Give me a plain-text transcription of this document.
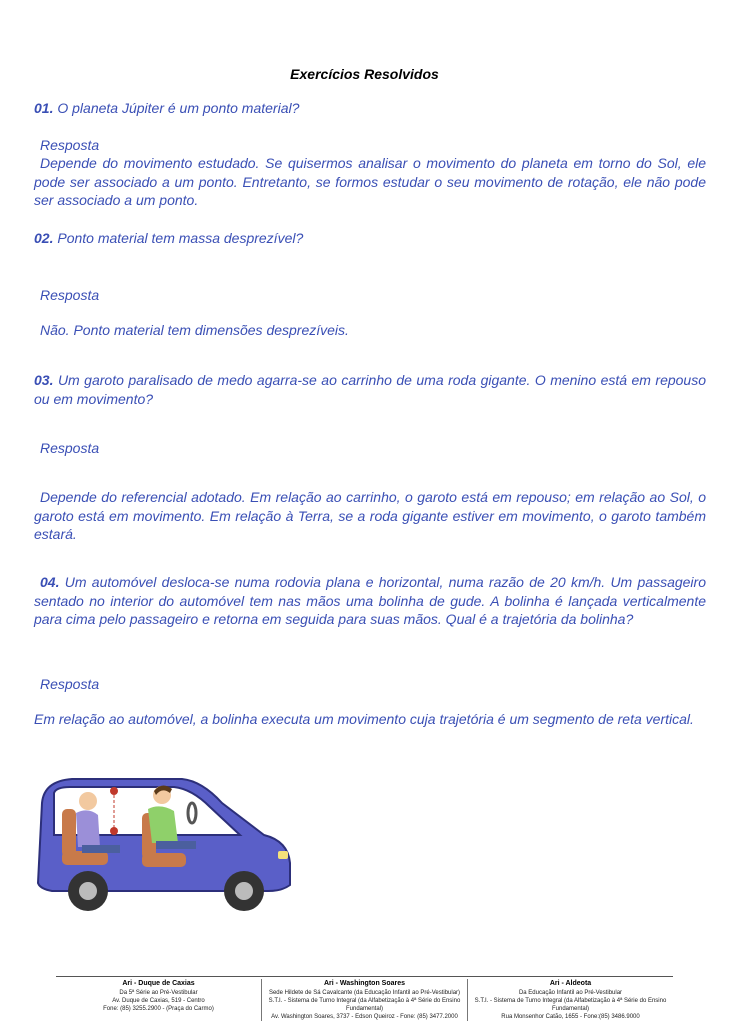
Exercícios Resolvidos
01. O planeta Júpiter é um ponto material?
Resposta
Depende do movimento estudado. Se quisermos analisar o movimento do planeta em torno do Sol, ele pode ser associado a um ponto. Entretanto, se formos estudar o seu movimento de rotação, ele não pode ser associado a um ponto.
02. Ponto material tem massa desprezível?
Resposta
Não. Ponto material tem dimensões desprezíveis.
03. Um garoto paralisado de medo agarra-se ao carrinho de uma roda gigante. O menino está em repouso ou em movimento?
Resposta
Depende do referencial adotado. Em relação ao carrinho, o garoto está em repouso; em relação ao Sol, o garoto está em movimento. Em relação à Terra, se a roda gigante estiver em movimento, o garoto também estará.
04. Um automóvel desloca-se numa rodovia plana e horizontal, numa razão de 20 km/h. Um passageiro sentado no interior do automóvel tem nas mãos uma bolinha de gude. A bolinha é lançada verticalmente para cima pelo passageiro e retorna em seguida para suas mãos. Qual é a trajetória da bolinha?
Resposta
Em relação ao automóvel, a bolinha executa um movimento cuja trajetória é um segmento de reta vertical.
Ari - Duque de Caxias
Da 5ª Série ao Pré-Vestibular
Av. Duque de Caxias, 519 - Centro
Fone: (85) 3255.2900 - (Praça do Carmo)
Ari - Washington Soares
Sede Hildete de Sá Cavalcante (da Educação Infantil ao Pré-Vestibular)
S.T.I. - Sistema de Turno Integral (da Alfabetização à 4ª Série do Ensino Fundamental)
Av. Washington Soares, 3737 - Edson Queiroz - Fone: (85) 3477.2000
Ari - Aldeota
Da Educação Infantil ao Pré-Vestibular
S.T.I. - Sistema de Turno Integral (da Alfabetização à 4ª Série do Ensino Fundamental)
Rua Monsenhor Catão, 1655 - Fone:(85) 3486.9000
